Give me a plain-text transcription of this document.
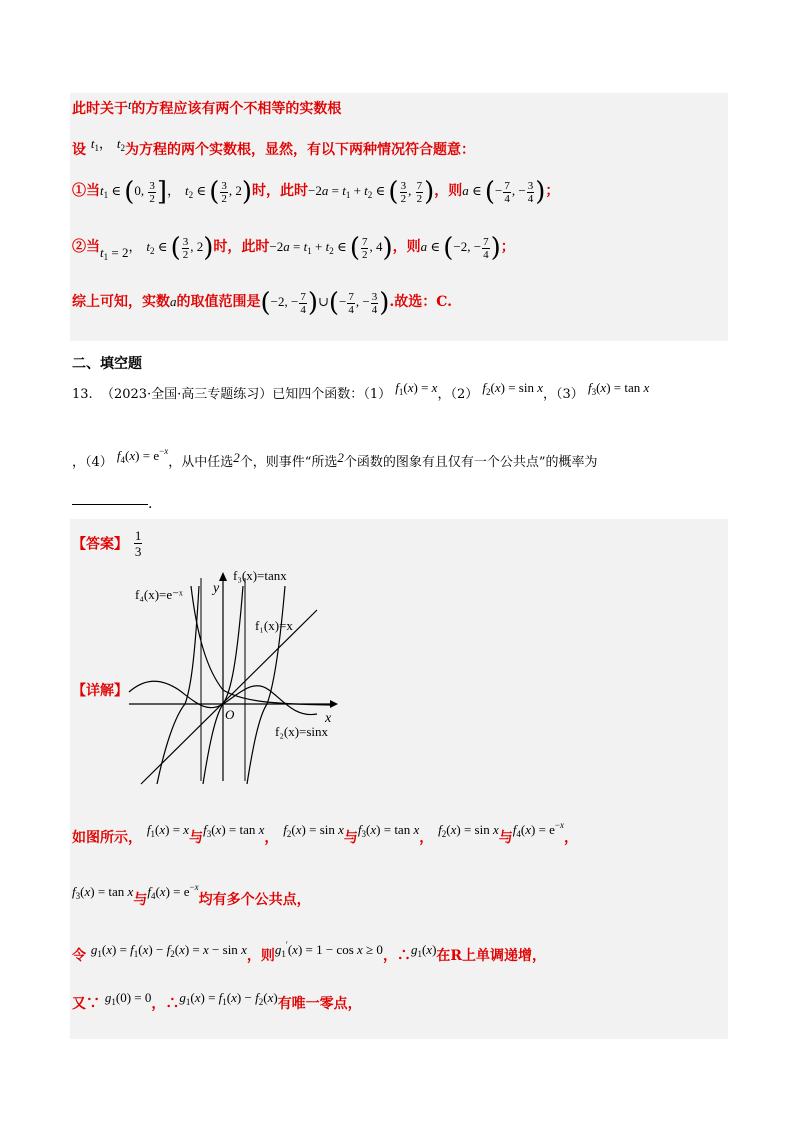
此时关于t的方程应该有两个不相等的实数根
设 $t_1$， $t_2$为方程的两个实数根，显然，有以下两种情况符合题意：
①当$t_1$ ∈ (0, $\frac{3}{2}$ ]， $t_2$ ∈ ( $\frac{3}{2}$ , 2)时，此时$-2a = t_1 + t_2$ ∈ ( $\frac{3}{2}$ , $\frac{7}{2}$ )，则a ∈ (− $\frac{7}{4}$ , − $\frac{3}{4}$ )；
②当$t_1 = 2$， $t_2$ ∈ ( $\frac{3}{2}$ , 2)时，此时$-2a = t_1 + t_2$ ∈ ( $\frac{7}{2}$ , 4)，则a ∈ (−2, − $\frac{7}{4}$ )；
综上可知，实数a的取值范围是(−2, − $\frac{7}{4}$ )∪(− $\frac{7}{4}$ , − $\frac{3}{4}$ ).故选：C.
二、填空题
13. （2023·全国·高三专题练习）已知四个函数：（1） $f_1(x) = x$，（2） $f_2(x) = \sin x$，（3） $f_3(x) = \tan x$
，（4） $f_4(x) = e^{-x}$，从中任选2个，则事件“所选2个函数的图象有且仅有一个公共点”的概率为
.
【答案】 $\frac{1}{3}$
f₄(x)=e⁻ˣ
f₃(x)=tanx
f₁(x)=x
f₂(x)=sinx
y
x
O
【详解】
如图所示， $f_1(x) = x$与$f_3(x) = \tan x$， $f_2(x) = \sin x$与$f_3(x) = \tan x$， $f_2(x) = \sin x$与$f_4(x) = e^{-x}$，
$f_3(x) = \tan x$与$f_4(x) = e^{-x}$均有多个公共点，
令 $g_1(x) = f_1(x) - f_2(x) = x - \sin x$，则$g_1'(x) = 1 - \cos x \ge 0$，$\therefore g_1(x)$在R上单调递增，
又∵ $g_1(0) = 0$，$\therefore g_1(x) = f_1(x) - f_2(x)$有唯一零点，
